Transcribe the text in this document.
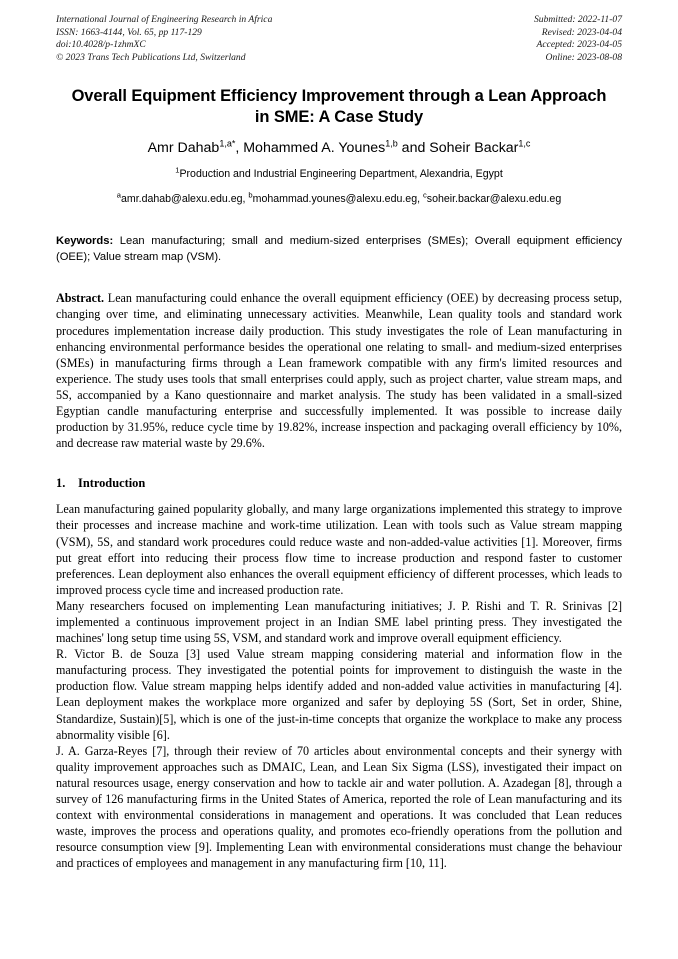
International Journal of Engineering Research in Africa
ISSN: 1663-4144, Vol. 65, pp 117-129
doi:10.4028/p-1zhmXC
© 2023 Trans Tech Publications Ltd, Switzerland
Submitted: 2022-11-07
Revised: 2023-04-04
Accepted: 2023-04-05
Online: 2023-08-08
Overall Equipment Efficiency Improvement through a Lean Approach
in SME: A Case Study
Amr Dahab$^{1,a*}$, Mohammed A. Younes$^{1,b}$ and Soheir Backar$^{1,c}$
$^1$Production and Industrial Engineering Department, Alexandria, Egypt
$^a$amr.dahab@alexu.edu.eg, $^b$mohammad.younes@alexu.edu.eg, $^c$soheir.backar@alexu.edu.eg
Keywords: Lean manufacturing; small and medium-sized enterprises (SMEs); Overall equipment efficiency (OEE); Value stream map (VSM).
Abstract. Lean manufacturing could enhance the overall equipment efficiency (OEE) by decreasing process setup, changing over time, and eliminating unnecessary activities. Meanwhile, Lean quality tools and standard work procedures implementation increase daily production. This study investigates the role of Lean manufacturing in enhancing environmental performance besides the operational one relating to small- and medium-sized enterprises (SMEs) in manufacturing firms through a Lean framework compatible with any firm's limited resources and experience. The study uses tools that small enterprises could apply, such as project charter, value stream maps, and 5S, accompanied by a Kano questionnaire and market analysis. The study has been validated in a small-sized Egyptian candle manufacturing enterprise and successfully implemented. It was possible to increase daily production by 31.95%, reduce cycle time by 19.82%, increase inspection and packaging overall efficiency by 10%, and decrease raw material waste by 29.6%.
1. Introduction

Lean manufacturing gained popularity globally, and many large organizations implemented this strategy to improve their processes and increase machine and work-time utilization. Lean with tools such as Value stream mapping (VSM), 5S, and standard work procedures could reduce waste and non-added-value activities [1]. Moreover, firms put great effort into reducing their process flow time to increase production and respond faster to customer preferences. Lean deployment also enhances the overall equipment efficiency of different processes, which leads to improved process cycle time and increased production rate.

Many researchers focused on implementing Lean manufacturing initiatives; J. P. Rishi and T. R. Srinivas [2] implemented a continuous improvement project in an Indian SME label printing press. They investigated the machines' long setup time using 5S, VSM, and standard work and improve overall equipment efficiency.

R. Victor B. de Souza [3] used Value stream mapping considering material and information flow in the manufacturing process. They investigated the potential points for improvement to distinguish the waste in the production flow. Value stream mapping helps identify added and non-added value activities in manufacturing [4]. Lean deployment makes the workplace more organized and safer by deploying 5S (Sort, Set in order, Shine, Standardize, Sustain)[5], which is one of the just-in-time concepts that organize the workplace to make any process abnormality visible [6].

J. A. Garza-Reyes [7], through their review of 70 articles about environmental concepts and their synergy with quality improvement approaches such as DMAIC, Lean, and Lean Six Sigma (LSS), investigated their impact on natural resources usage, energy conservation and how to tackle air and water pollution. A. Azadegan [8], through a survey of 126 manufacturing firms in the United States of America, reported the role of Lean manufacturing and its context with environmental considerations in management and operations. It was concluded that Lean reduces waste, improves the process and operations quality, and promotes eco-friendly operations from the pollution and resource consumption view [9]. Implementing Lean with environmental considerations must change the behaviour and practices of employees and management in any manufacturing firm [10, 11].
